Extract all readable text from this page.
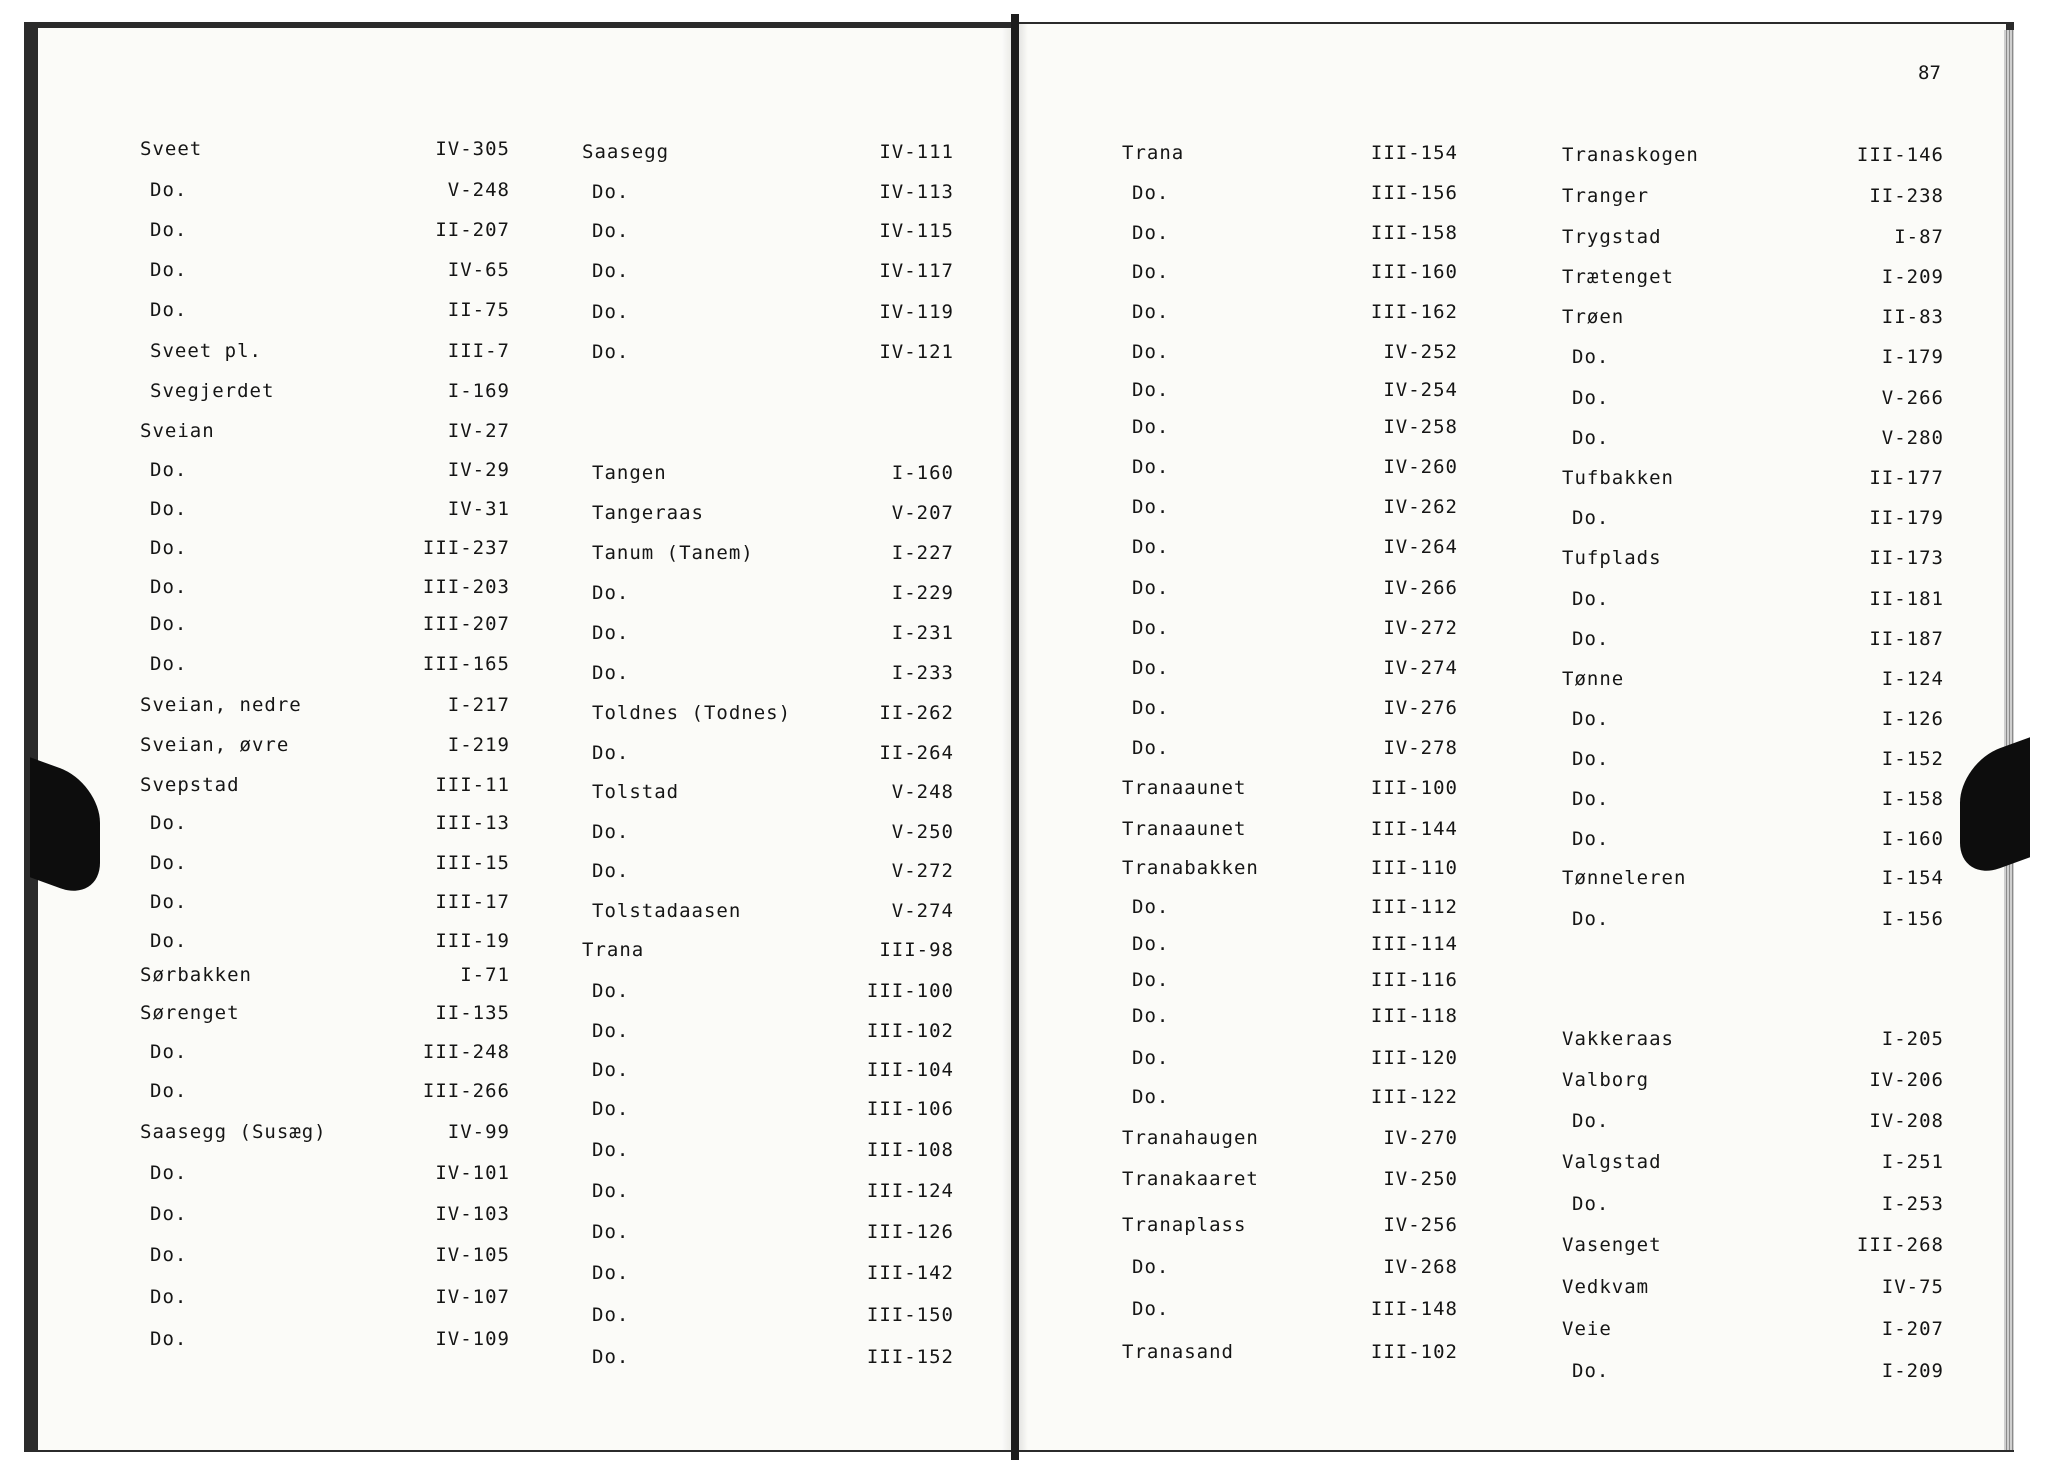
87
Sveet	IV-305
Do.	V-248
Do.	II-207
Do.	IV-65
Do.	II-75
Sveet pl.	III-7
Svegjerdet	I-169
Sveian	IV-27
Do.	IV-29
Do.	IV-31
Do.	III-237
Do.	III-203
Do.	III-207
Do.	III-165
Sveian, nedre	I-217
Sveian, øvre	I-219
Svepstad	III-11
Do.	III-13
Do.	III-15
Do.	III-17
Do.	III-19
Sørbakken	I-71
Sørenget	II-135
Do.	III-248
Do.	III-266
Saasegg (Susæg)	IV-99
Do.	IV-101
Do.	IV-103
Do.	IV-105
Do.	IV-107
Do.	IV-109
Saasegg	IV-111
Do.	IV-113
Do.	IV-115
Do.	IV-117
Do.	IV-119
Do.	IV-121
Tangen	I-160
Tangeraas	V-207
Tanum (Tanem)	I-227
Do.	I-229
Do.	I-231
Do.	I-233
Toldnes (Todnes)	II-262
Do.	II-264
Tolstad	V-248
Do.	V-250
Do.	V-272
Tolstadaasen	V-274
Trana	III-98
Do.	III-100
Do.	III-102
Do.	III-104
Do.	III-106
Do.	III-108
Do.	III-124
Do.	III-126
Do.	III-142
Do.	III-150
Do.	III-152
Trana	III-154
Do.	III-156
Do.	III-158
Do.	III-160
Do.	III-162
Do.	IV-252
Do.	IV-254
Do.	IV-258
Do.	IV-260
Do.	IV-262
Do.	IV-264
Do.	IV-266
Do.	IV-272
Do.	IV-274
Do.	IV-276
Do.	IV-278
Tranaaunet	III-100
Tranaaunet	III-144
Tranabakken	III-110
Do.	III-112
Do.	III-114
Do.	III-116
Do.	III-118
Do.	III-120
Do.	III-122
Tranahaugen	IV-270
Tranakaaret	IV-250
Tranaplass	IV-256
Do.	IV-268
Do.	III-148
Tranasand	III-102
Tranaskogen	III-146
Tranger	II-238
Trygstad	I-87
Trætenget	I-209
Trøen	II-83
Do.	I-179
Do.	V-266
Do.	V-280
Tufbakken	II-177
Do.	II-179
Tufplads	II-173
Do.	II-181
Do.	II-187
Tønne	I-124
Do.	I-126
Do.	I-152
Do.	I-158
Do.	I-160
Tønneleren	I-154
Do.	I-156
Vakkeraas	I-205
Valborg	IV-206
Do.	IV-208
Valgstad	I-251
Do.	I-253
Vasenget	III-268
Vedkvam	IV-75
Veie	I-207
Do.	I-209
